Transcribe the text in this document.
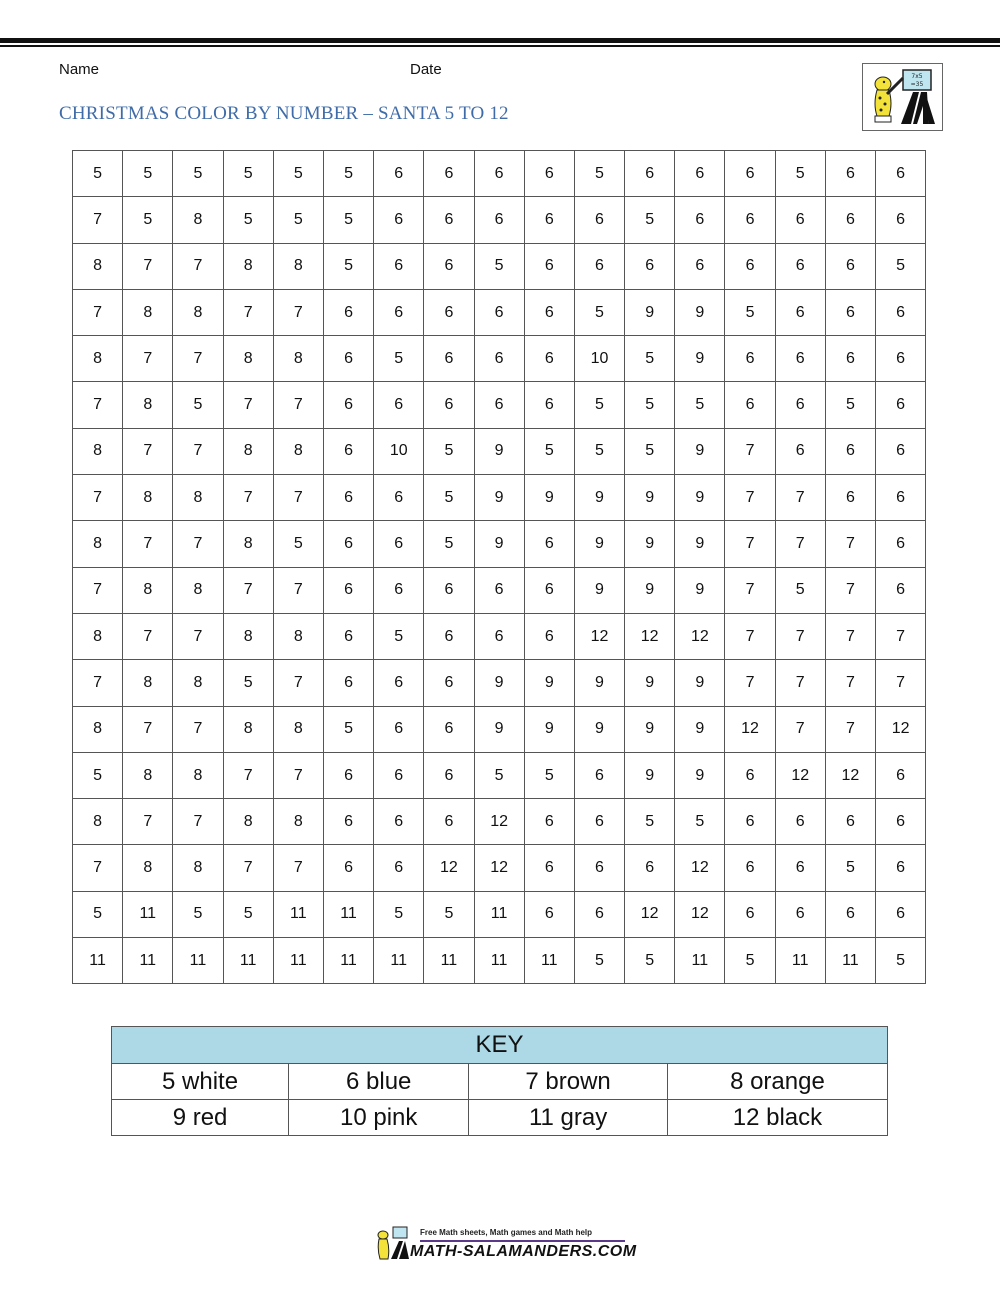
Name	Date
CHRISTMAS COLOR BY NUMBER – SANTA 5 TO 12
7x5
=35
5	5	5	5	5	5	6	6	6	6	5	6	6	6	5	6	6
7	5	8	5	5	5	6	6	6	6	6	5	6	6	6	6	6
8	7	7	8	8	5	6	6	5	6	6	6	6	6	6	6	5
7	8	8	7	7	6	6	6	6	6	5	9	9	5	6	6	6
8	7	7	8	8	6	5	6	6	6	10	5	9	6	6	6	6
7	8	5	7	7	6	6	6	6	6	5	5	5	6	6	5	6
8	7	7	8	8	6	10	5	9	5	5	5	9	7	6	6	6
7	8	8	7	7	6	6	5	9	9	9	9	9	7	7	6	6
8	7	7	8	5	6	6	5	9	6	9	9	9	7	7	7	6
7	8	8	7	7	6	6	6	6	6	9	9	9	7	5	7	6
8	7	7	8	8	6	5	6	6	6	12	12	12	7	7	7	7
7	8	8	5	7	6	6	6	9	9	9	9	9	7	7	7	7
8	7	7	8	8	5	6	6	9	9	9	9	9	12	7	7	12
5	8	8	7	7	6	6	6	5	5	6	9	9	6	12	12	6
8	7	7	8	8	6	6	6	12	6	6	5	5	6	6	6	6
7	8	8	7	7	6	6	12	12	6	6	6	12	6	6	5	6
5	11	5	5	11	11	5	5	11	6	6	12	12	6	6	6	6
11	11	11	11	11	11	11	11	11	11	5	5	11	5	11	11	5
KEY			
5 white	6 blue	7 brown	8 orange
9 red	10 pink	11 gray	12 black
Free Math sheets, Math games and Math help
MATH-SALAMANDERS.COM
